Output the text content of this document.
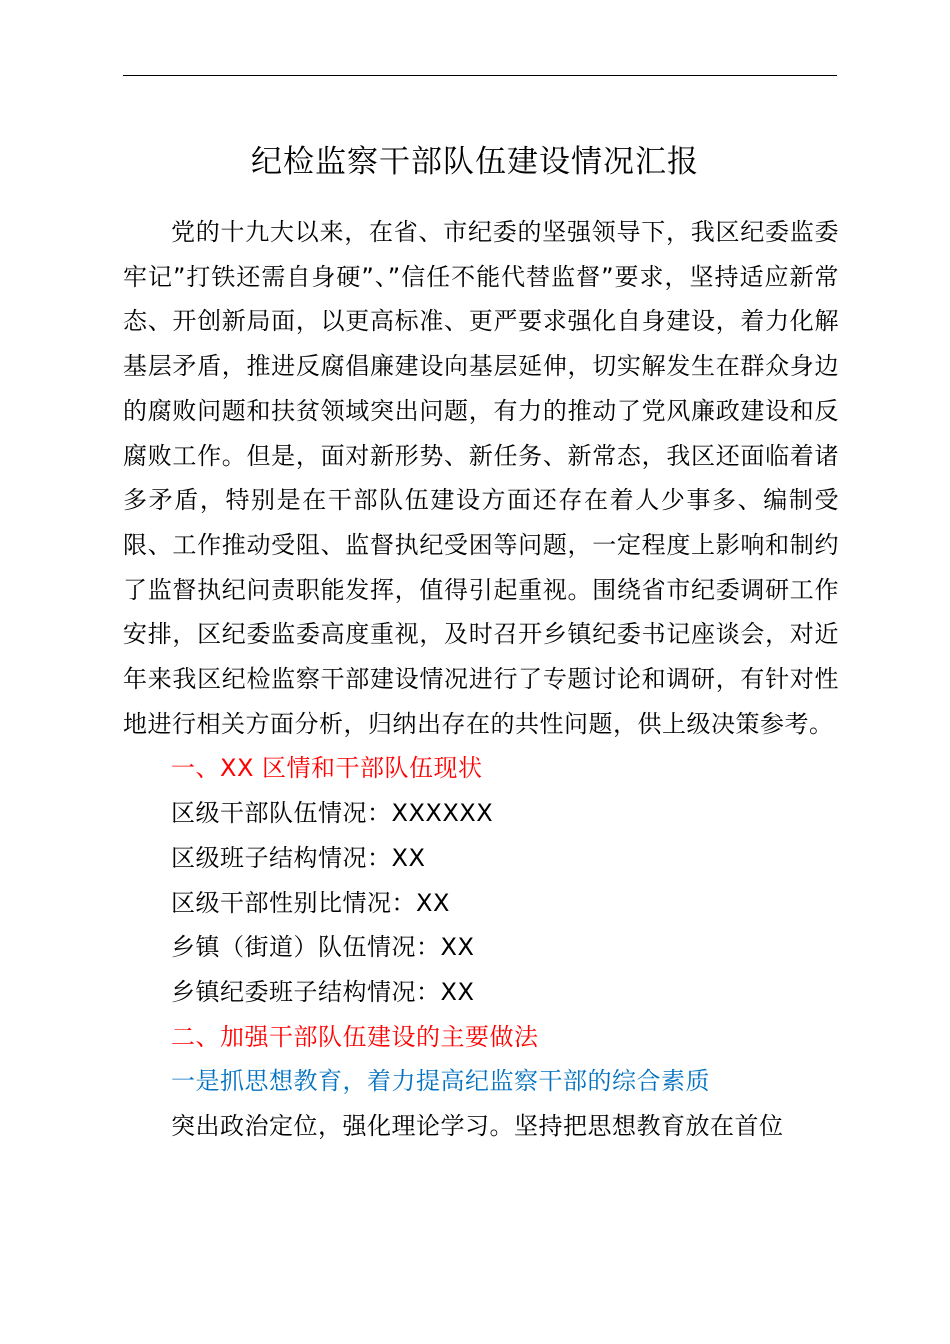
纪检监察干部队伍建设情况汇报

党的十九大以来，在省、市纪委的坚强领导下，我区纪委监委牢记”打铁还需自身硬”、”信任不能代替监督”要求，坚持适应新常态、开创新局面，以更高标准、更严要求强化自身建设，着力化解基层矛盾，推进反腐倡廉建设向基层延伸，切实解发生在群众身边的腐败问题和扶贫领域突出问题，有力的推动了党风廉政建设和反腐败工作。但是，面对新形势、新任务、新常态，我区还面临着诸多矛盾，特别是在干部队伍建设方面还存在着人少事多、编制受限、工作推动受阻、监督执纪受困等问题，一定程度上影响和制约了监督执纪问责职能发挥，值得引起重视。围绕省市纪委调研工作安排，区纪委监委高度重视，及时召开乡镇纪委书记座谈会，对近年来我区纪检监察干部建设情况进行了专题讨论和调研，有针对性地进行相关方面分析，归纳出存在的共性问题，供上级决策参考。

一、XX 区情和干部队伍现状

区级干部队伍情况：XXXXXX

区级班子结构情况：XX

区级干部性别比情况：XX

乡镇（街道）队伍情况：XX

乡镇纪委班子结构情况：XX

二、加强干部队伍建设的主要做法

一是抓思想教育，着力提高纪监察干部的综合素质

突出政治定位，强化理论学习。坚持把思想教育放在首位
